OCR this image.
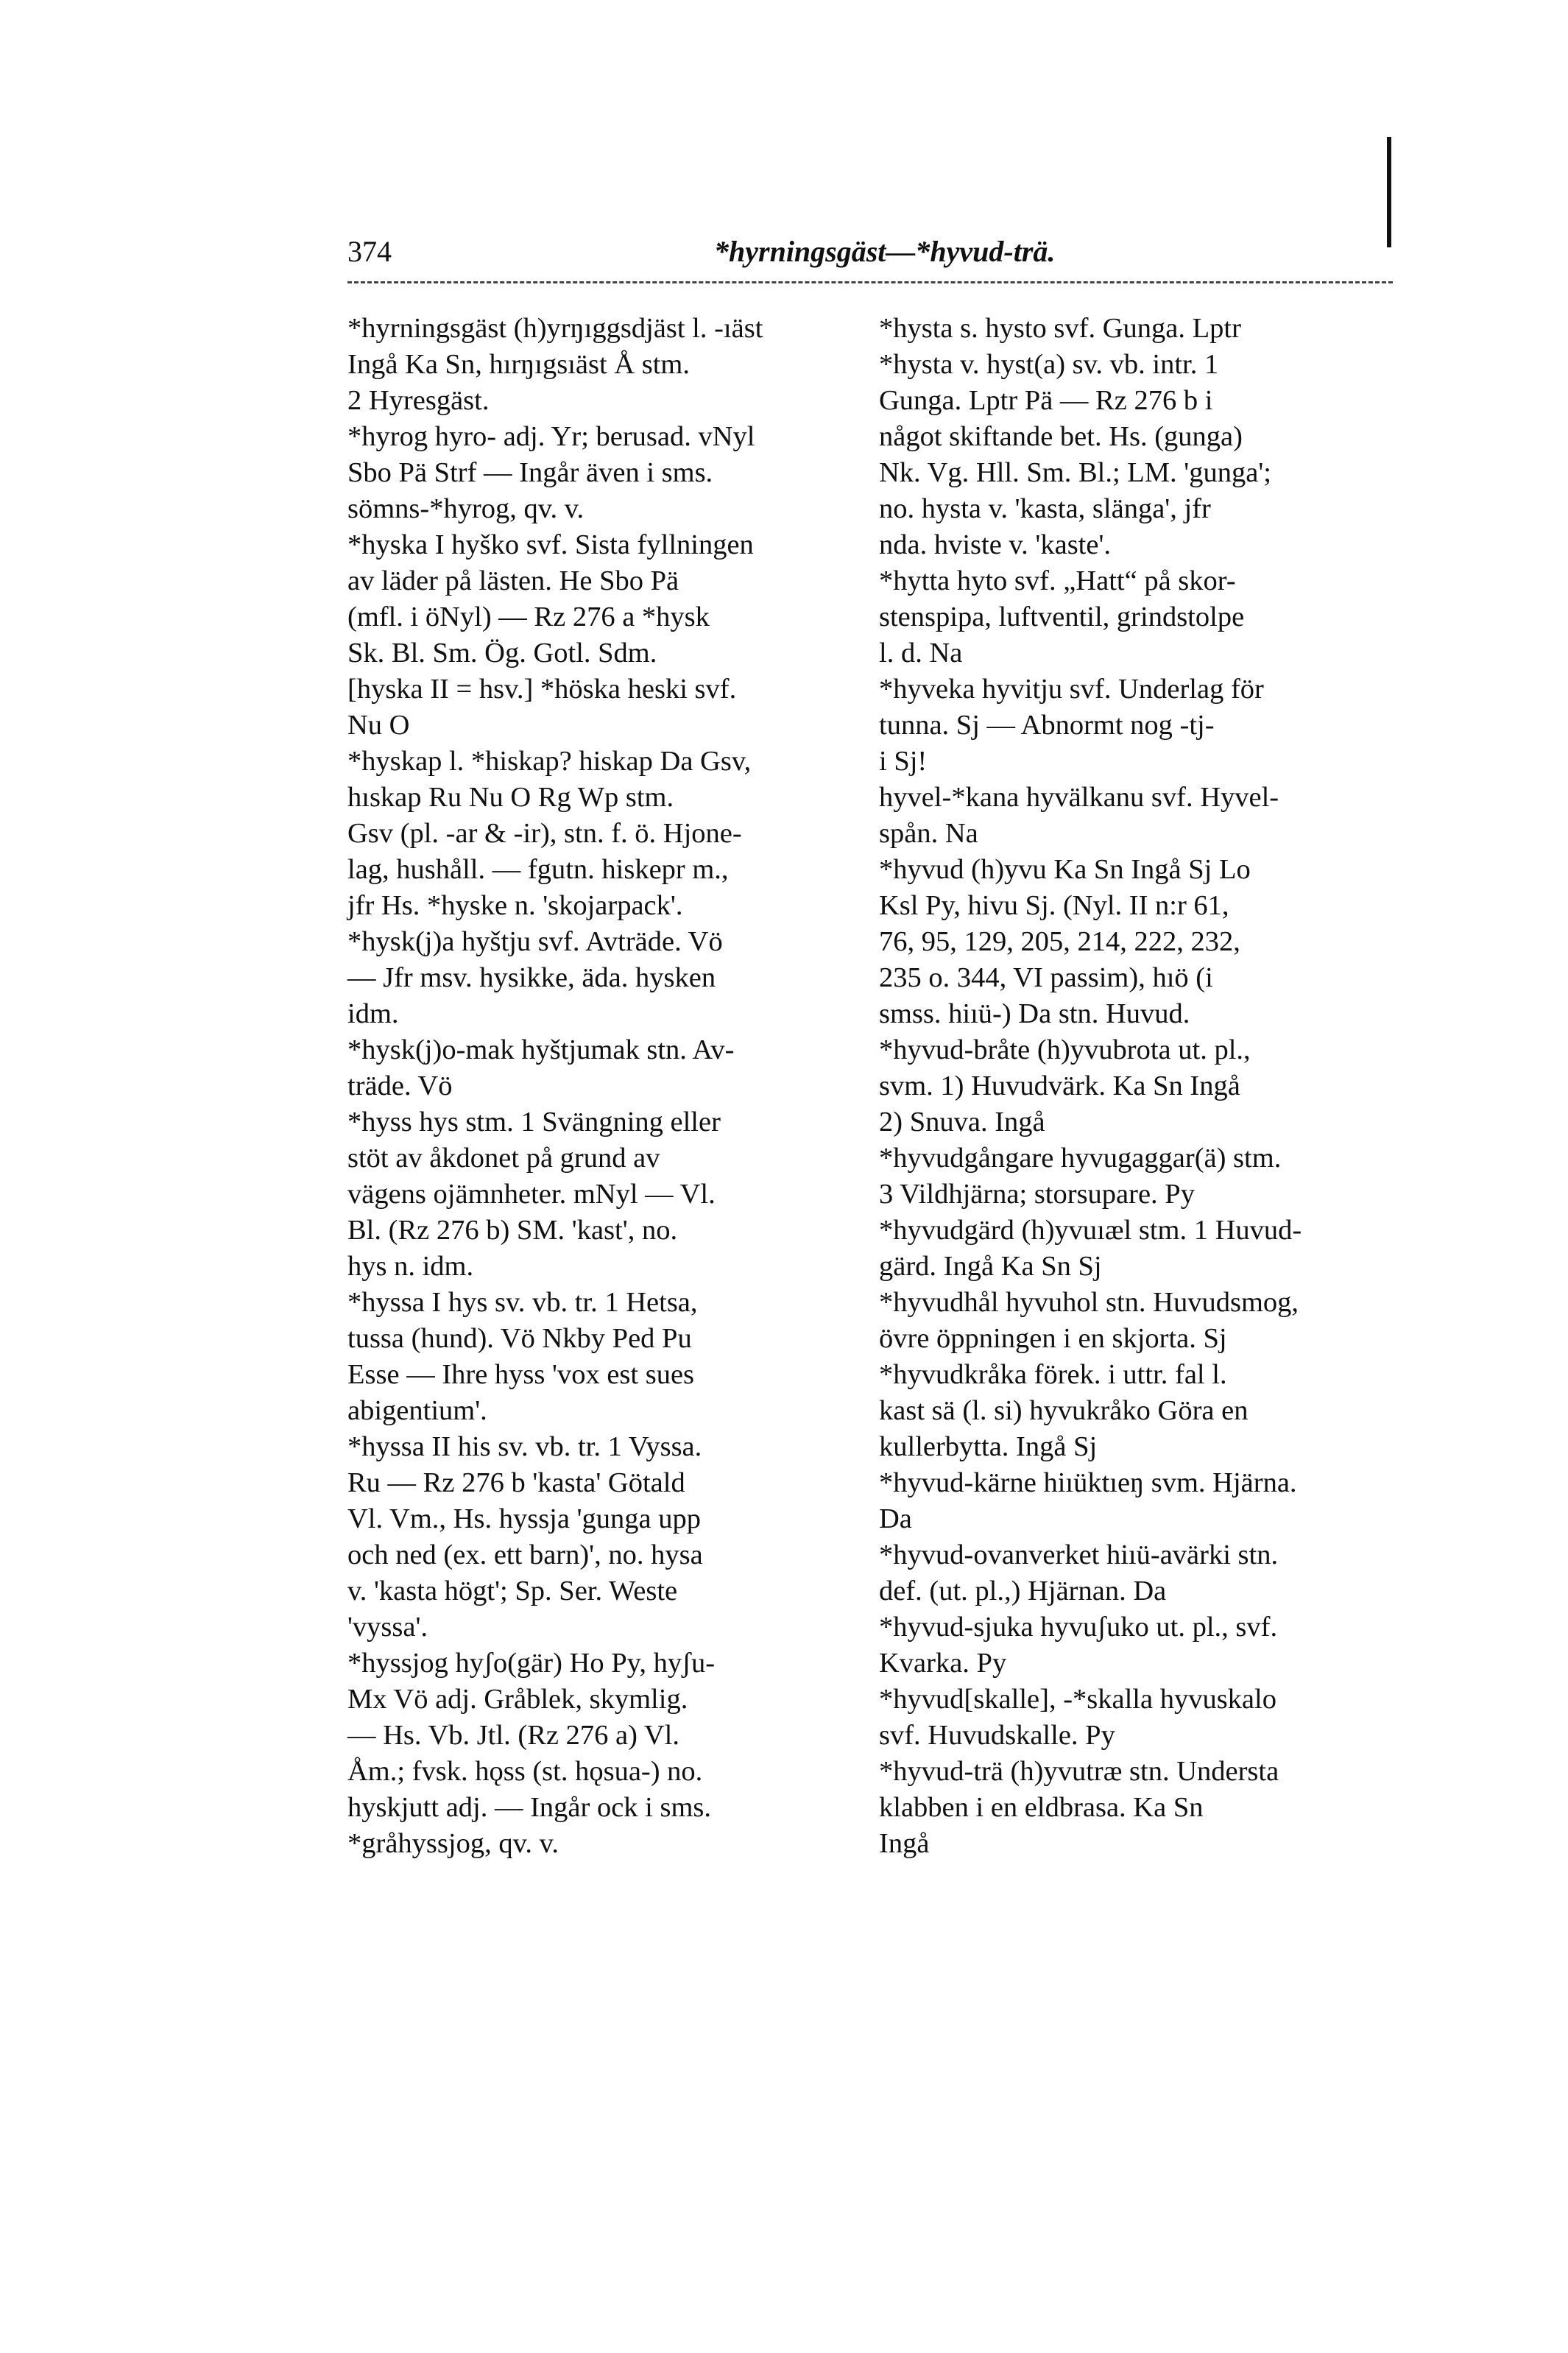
374	*hyrningsgäst—*hyvud-trä.

*hyrningsgäst (h)yrŋıggsdjäst l. -ıäst

Ingå Ka Sn, hırŋıgsıäst Å stm.

2 Hyresgäst.

*hyrog hyro- adj. Yr; berusad. vNyl

Sbo Pä Strf — Ingår även i sms.

sömns-*hyrog, qv. v.

*hyska I hyško svf. Sista fyllningen

av läder på lästen. He Sbo Pä

(mfl. i öNyl) — Rz 276 a *hysk

Sk. Bl. Sm. Ög. Gotl. Sdm.

[hyska II = hsv.] *höska heski svf.

Nu O

*hyskap l. *hiskap? hiskap Da Gsv,

hıskap Ru Nu O Rg Wp stm.

Gsv (pl. -ar & -ir), stn. f. ö. Hjone-

lag, hushåll. — fgutn. hiskepr m.,

jfr Hs. *hyske n. 'skojarpack'.

*hysk(j)a hyštju svf. Avträde. Vö

— Jfr msv. hysikke, äda. hysken

idm.

*hysk(j)o-mak hyštjumak stn. Av-

träde. Vö

*hyss hys stm. 1 Svängning eller

stöt av åkdonet på grund av

vägens ojämnheter. mNyl — Vl.

Bl. (Rz 276 b) SM. 'kast', no.

hys n. idm.

*hyssa I hys sv. vb. tr. 1 Hetsa,

tussa (hund). Vö Nkby Ped Pu

Esse — Ihre hyss 'vox est sues

abigentium'.

*hyssa II his sv. vb. tr. 1 Vyssa.

Ru — Rz 276 b 'kasta' Götald

Vl. Vm., Hs. hyssja 'gunga upp

och ned (ex. ett barn)', no. hysa

v. 'kasta högt'; Sp. Ser. Weste

'vyssa'.

*hyssjog hyʃo(gär) Ho Py, hyʃu-

Mx Vö adj. Gråblek, skymlig.

— Hs. Vb. Jtl. (Rz 276 a) Vl.

Åm.; fvsk. hǫss (st. hǫsua-) no.

hyskjutt adj. — Ingår ock i sms.

*gråhyssjog, qv. v.

*hysta s. hysto svf. Gunga. Lptr

*hysta v. hyst(a) sv. vb. intr. 1

Gunga. Lptr Pä — Rz 276 b i

något skiftande bet. Hs. (gunga)

Nk. Vg. Hll. Sm. Bl.; LM. 'gunga';

no. hysta v. 'kasta, slänga', jfr

nda. hviste v. 'kaste'.

*hytta hyto svf. „Hatt“ på skor-

stenspipa, luftventil, grindstolpe

l. d. Na

*hyveka hyvitju svf. Underlag för

tunna. Sj — Abnormt nog -tj-

i Sj!

hyvel-*kana hyvälkanu svf. Hyvel-

spån. Na

*hyvud (h)yvu Ka Sn Ingå Sj Lo

Ksl Py, hivu Sj. (Nyl. II n:r 61,

76, 95, 129, 205, 214, 222, 232,

235 o. 344, VI passim), hıö (i

smss. hiıü-) Da stn. Huvud.

*hyvud-bråte (h)yvubrota ut. pl.,

svm. 1) Huvudvärk. Ka Sn Ingå

2) Snuva. Ingå

*hyvudgångare hyvugaggar(ä) stm.

3 Vildhjärna; storsupare. Py

*hyvudgärd (h)yvuıæl stm. 1 Huvud-

gärd. Ingå Ka Sn Sj

*hyvudhål hyvuhol stn. Huvudsmog,

övre öppningen i en skjorta. Sj

*hyvudkråka förek. i uttr. fal l.

kast sä (l. si) hyvukråko Göra en

kullerbytta. Ingå Sj

*hyvud-kärne hiıüktıeŋ svm. Hjärna.

Da

*hyvud-ovanverket hiıü-avärki stn.

def. (ut. pl.,) Hjärnan. Da

*hyvud-sjuka hyvuʃuko ut. pl., svf.

Kvarka. Py

*hyvud[skalle], -*skalla hyvuskalo

svf. Huvudskalle. Py

*hyvud-trä (h)yvutræ stn. Understa

klabben i en eldbrasa. Ka Sn

Ingå
